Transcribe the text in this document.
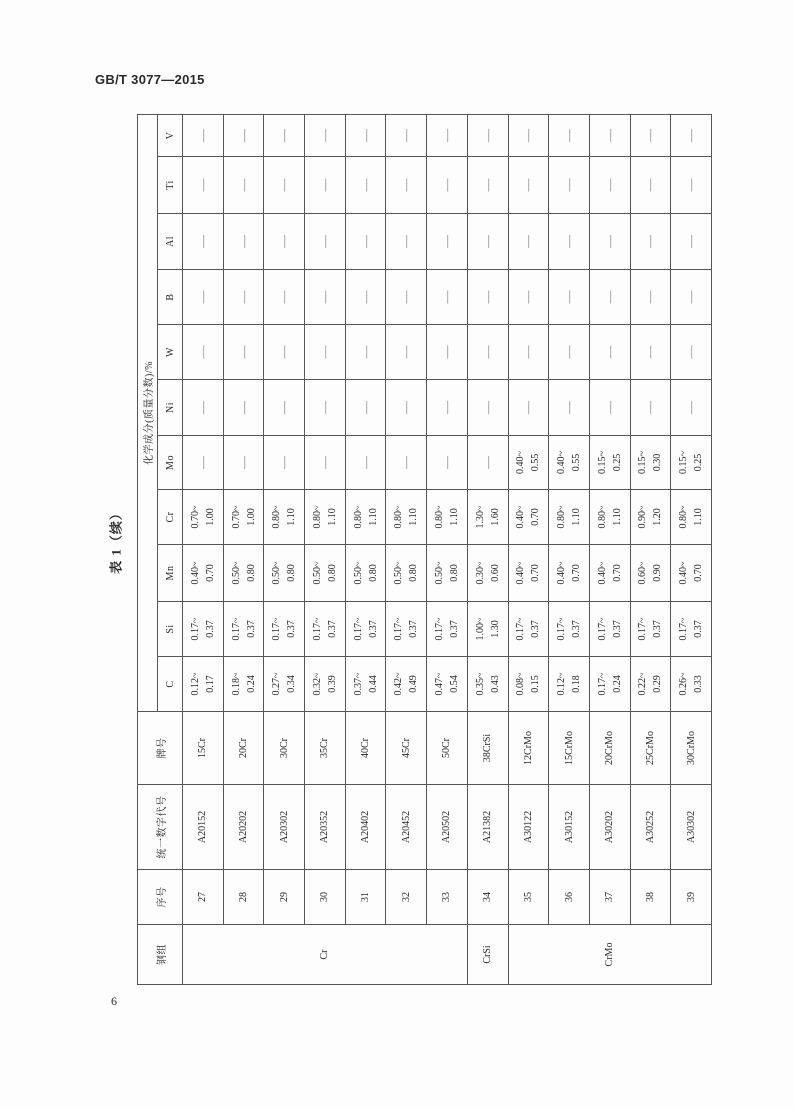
GB/T 3077—2015
表 1（续）
6
钢组	序号	统一数字代号	牌号	化学成分(质量分数)/%										
				C	Si	Mn	Cr	Mo	Ni	W	B	Al	Ti	V
Cr	27	A20152	15Cr	0.12~ 0.17	0.17~ 0.37	0.40~ 0.70	0.70~ 1.00	—	—	—	—	—	—	—
	28	A20202	20Cr	0.18~ 0.24	0.17~ 0.37	0.50~ 0.80	0.70~ 1.00	—	—	—	—	—	—	—
	29	A20302	30Cr	0.27~ 0.34	0.17~ 0.37	0.50~ 0.80	0.80~ 1.10	—	—	—	—	—	—	—
	30	A20352	35Cr	0.32~ 0.39	0.17~ 0.37	0.50~ 0.80	0.80~ 1.10	—	—	—	—	—	—	—
	31	A20402	40Cr	0.37~ 0.44	0.17~ 0.37	0.50~ 0.80	0.80~ 1.10	—	—	—	—	—	—	—
	32	A20452	45Cr	0.42~ 0.49	0.17~ 0.37	0.50~ 0.80	0.80~ 1.10	—	—	—	—	—	—	—
	33	A20502	50Cr	0.47~ 0.54	0.17~ 0.37	0.50~ 0.80	0.80~ 1.10	—	—	—	—	—	—	—
CrSi	34	A21382	38CrSi	0.35~ 0.43	1.00~ 1.30	0.30~ 0.60	1.30~ 1.60	—	—	—	—	—	—	—
CrMo	35	A30122	12CrMo	0.08~ 0.15	0.17~ 0.37	0.40~ 0.70	0.40~ 0.70	0.40~ 0.55	—	—	—	—	—	—
	36	A30152	15CrMo	0.12~ 0.18	0.17~ 0.37	0.40~ 0.70	0.80~ 1.10	0.40~ 0.55	—	—	—	—	—	—
	37	A30202	20CrMo	0.17~ 0.24	0.17~ 0.37	0.40~ 0.70	0.80~ 1.10	0.15~ 0.25	—	—	—	—	—	—
	38	A30252	25CrMo	0.22~ 0.29	0.17~ 0.37	0.60~ 0.90	0.90~ 1.20	0.15~ 0.30	—	—	—	—	—	—
	39	A30302	30CrMo	0.26~ 0.33	0.17~ 0.37	0.40~ 0.70	0.80~ 1.10	0.15~ 0.25	—	—	—	—	—	—
